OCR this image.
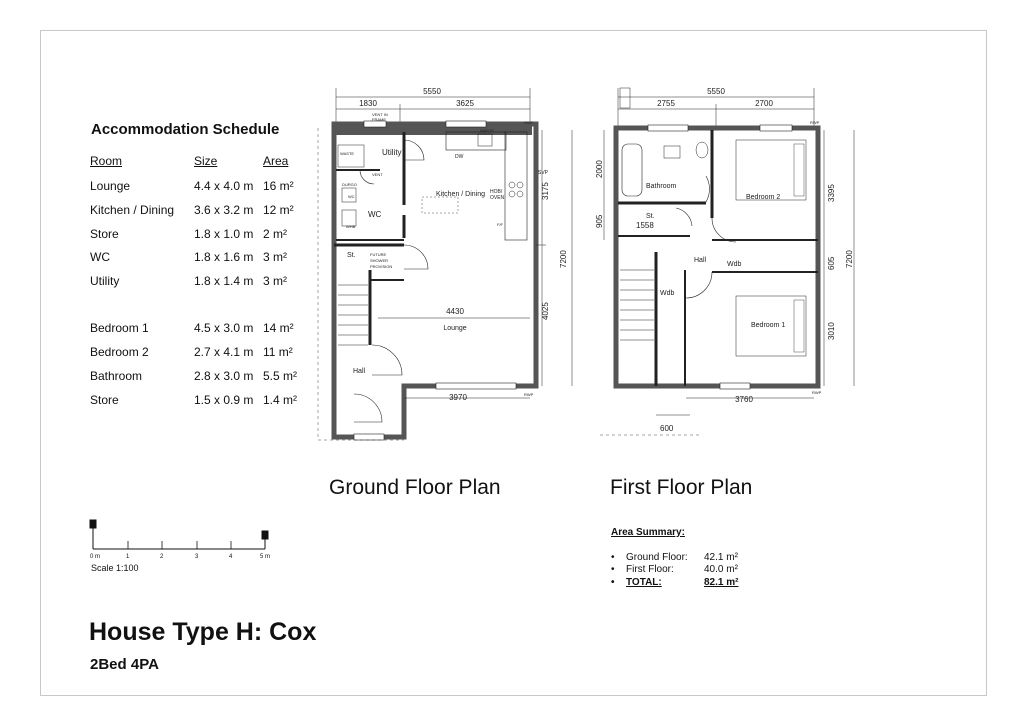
Accommodation Schedule
Room	Size	Area
Lounge	4.4 x 4.0 m 16 m²
Kitchen / Dining 3.6 x 3.2 m 12 m²
Store	1.8 x 1.0 m 2 m²
WC	1.8 x 1.6 m 3 m²
Utility	1.8 x 1.4 m 3 m²
Bedroom 1	4.5 x 3.0 m 14 m²
Bedroom 2	2.7 x 4.1 m 11 m²
Bathroom	2.8 x 3.0 m 5.5 m²
Store	1.5 x 0.9 m 1.4 m²
5550
1830	3625
VENT IN
FRAME
WASTE
RWP
WASTE	Utility	DW
Kitchen / Dining HOB/
OVEN
VENT
DURGO
WC
WHB
WC
SVP
F/F
St.	FUTURE
SHOWER
PROVISION
4430
Lounge
Hall
3970	RWP
3175
4025
7200
5550
2755	2700
RWP
Bathroom
Bedroom 2
St.
1558
Hall
Wdb
Wdb
Bedroom 1
3760
600
RWP
2000
905
3395
605
3010
7200
0 m	1	2	3	4	5 m
Ground Floor Plan	First Floor Plan
Scale 1:100
Area Summary:
• Ground Floor: 42.1 m²
• First Floor:	40.0 m²
• TOTAL:	82.1 m²
House Type H: Cox
2Bed 4PA
